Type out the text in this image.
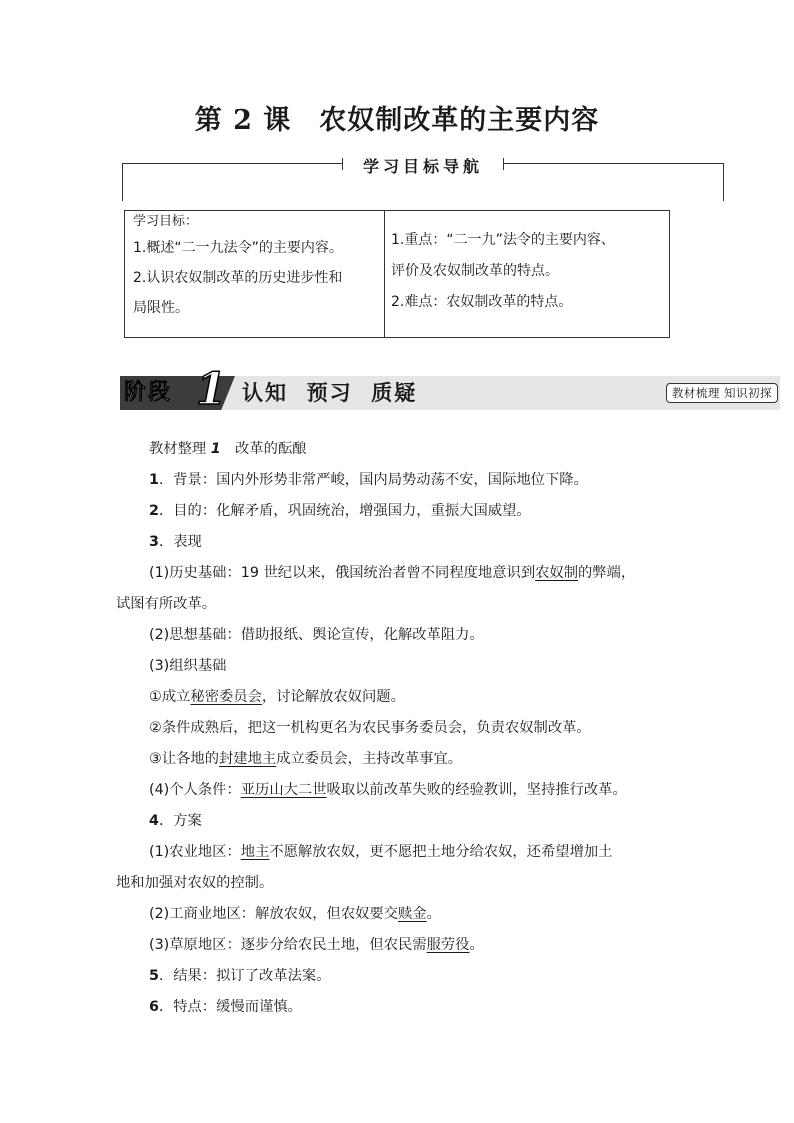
第 2 课　农奴制改革的主要内容
学习目标导航

学习目标：

1.概述“二一九法令”的主要内容。

2.认识农奴制改革的历史进步性和

局限性。

1.重点：“二一九”法令的主要内容、

评价及农奴制改革的特点。

2.难点：农奴制改革的特点。

阶段 1 认知  预习  质疑	教材梳理 知识初探

教材整理 1　改革的酝酿

1．背景：国内外形势非常严峻，国内局势动荡不安，国际地位下降。

2．目的：化解矛盾，巩固统治，增强国力，重振大国威望。

3．表现

(1)历史基础：19 世纪以来，俄国统治者曾不同程度地意识到农奴制的弊端，

试图有所改革。

(2)思想基础：借助报纸、舆论宣传，化解改革阻力。

(3)组织基础

①成立秘密委员会，讨论解放农奴问题。

②条件成熟后，把这一机构更名为农民事务委员会，负责农奴制改革。

③让各地的封建地主成立委员会，主持改革事宜。

(4)个人条件：亚历山大二世吸取以前改革失败的经验教训，坚持推行改革。

4．方案

(1)农业地区：地主不愿解放农奴，更不愿把土地分给农奴，还希望增加土

地和加强对农奴的控制。

(2)工商业地区：解放农奴，但农奴要交赎金。

(3)草原地区：逐步分给农民土地，但农民需服劳役。

5．结果：拟订了改革法案。

6．特点：缓慢而谨慎。
